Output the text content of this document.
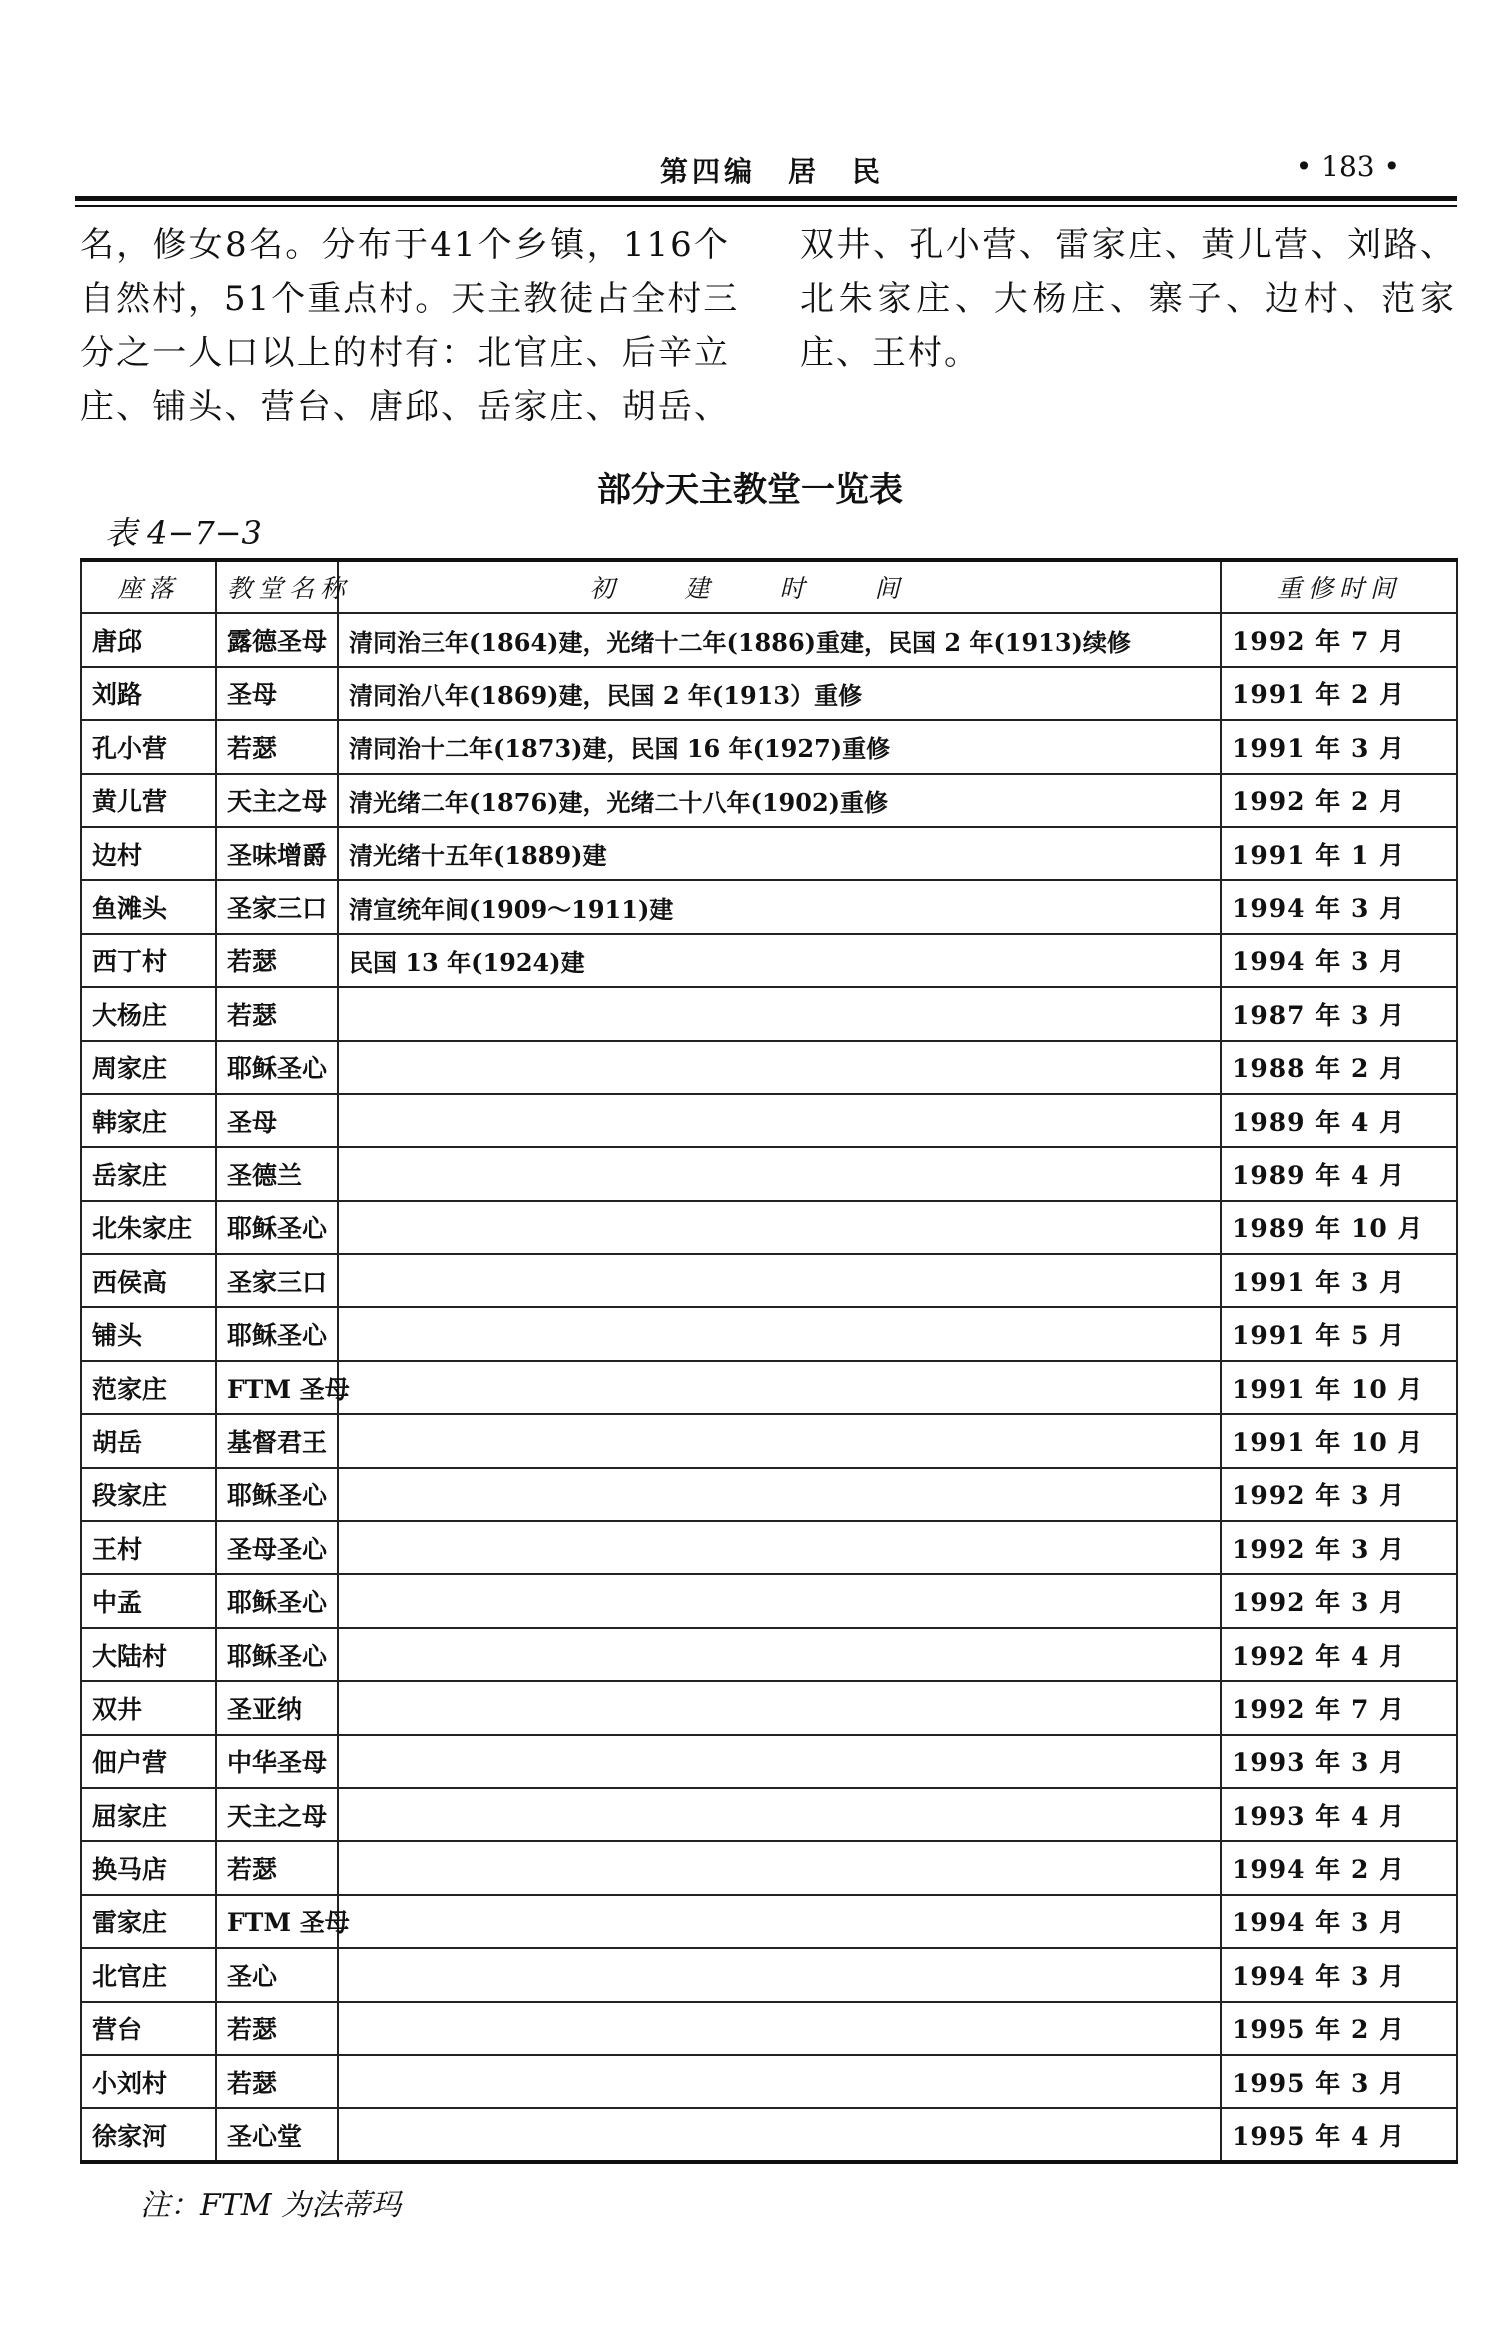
第四编　居　民	• 183 •
名，修女8名。分布于41个乡镇，116个
自然村，51个重点村。天主教徒占全村三
分之一人口以上的村有：北官庄、后辛立
庄、铺头、营台、唐邱、岳家庄、胡岳、
双井、孔小营、雷家庄、黄儿营、刘路、
北朱家庄、大杨庄、寨子、边村、范家
庄、王村。
部分天主教堂一览表
表 4−7−3
座落	教堂名称	初建时间	重修时间
唐邱	露德圣母	清同治三年(1864)建，光绪十二年(1886)重建，民国 2 年(1913)续修	1992 年 7 月
刘路	圣母	清同治八年(1869)建，民国 2 年(1913）重修	1991 年 2 月
孔小营	若瑟	清同治十二年(1873)建，民国 16 年(1927)重修	1991 年 3 月
黄儿营	天主之母	清光绪二年(1876)建，光绪二十八年(1902)重修	1992 年 2 月
边村	圣味增爵	清光绪十五年(1889)建	1991 年 1 月
鱼滩头	圣家三口	清宣统年间(1909～1911)建	1994 年 3 月
西丁村	若瑟	民国 13 年(1924)建	1994 年 3 月
大杨庄	若瑟		1987 年 3 月
周家庄	耶稣圣心		1988 年 2 月
韩家庄	圣母		1989 年 4 月
岳家庄	圣德兰		1989 年 4 月
北朱家庄	耶稣圣心		1989 年 10 月
西侯高	圣家三口		1991 年 3 月
铺头	耶稣圣心		1991 年 5 月
范家庄	FTM 圣母		1991 年 10 月
胡岳	基督君王		1991 年 10 月
段家庄	耶稣圣心		1992 年 3 月
王村	圣母圣心		1992 年 3 月
中孟	耶稣圣心		1992 年 3 月
大陆村	耶稣圣心		1992 年 4 月
双井	圣亚纳		1992 年 7 月
佃户营	中华圣母		1993 年 3 月
屈家庄	天主之母		1993 年 4 月
换马店	若瑟		1994 年 2 月
雷家庄	FTM 圣母		1994 年 3 月
北官庄	圣心		1994 年 3 月
营台	若瑟		1995 年 2 月
小刘村	若瑟		1995 年 3 月
徐家河	圣心堂		1995 年 4 月
注：FTM 为法蒂玛
